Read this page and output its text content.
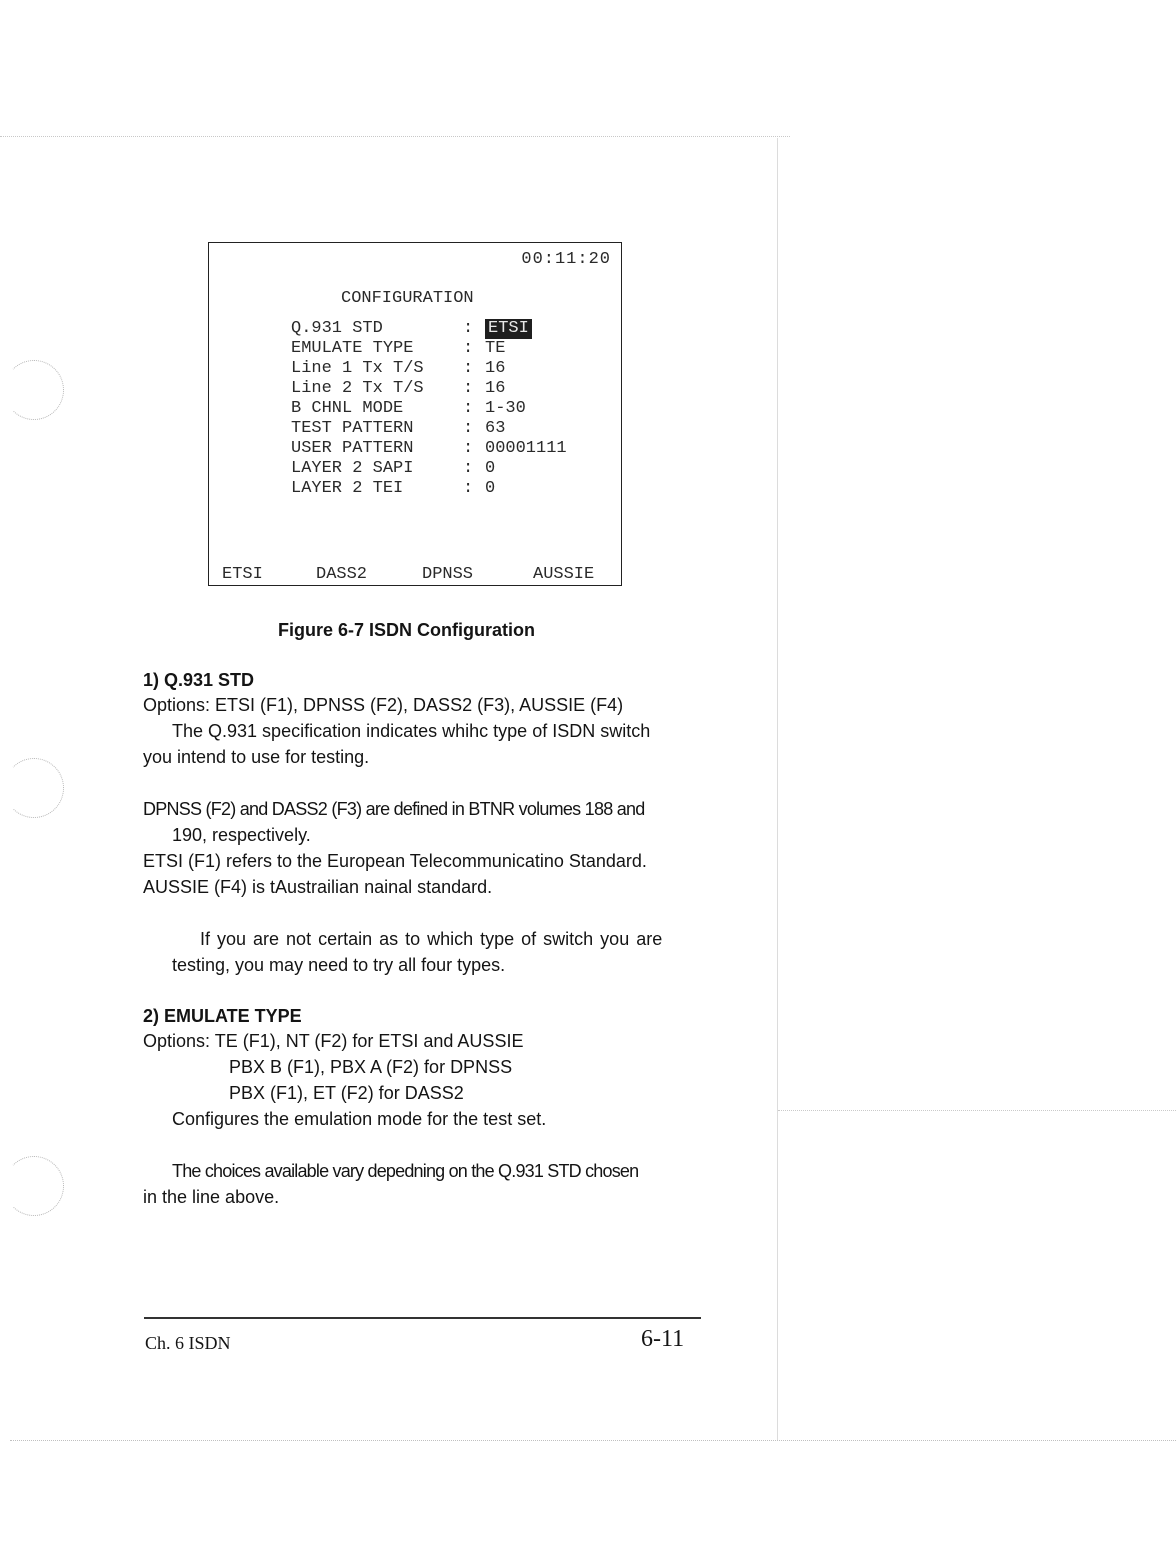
00:11:20
CONFIGURATION
Q.931 STD	: ETSI
EMULATE TYPE	: TE
Line 1 Tx T/S	: 16
Line 2 Tx T/S	: 16
B CHNL MODE	: 1-30
TEST PATTERN	: 63
USER PATTERN	: 00001111
LAYER 2 SAPI	: 0
LAYER 2 TEI	: 0
ETSI	DASS2	DPNSS	AUSSIE
Figure 6-7 ISDN Configuration
1) Q.931 STD
Options: ETSI (F1), DPNSS (F2), DASS2 (F3), AUSSIE (F4)
The Q.931 specification indicates whihc type of ISDN switch
you intend to use for testing.
DPNSS (F2) and DASS2 (F3) are defined in BTNR volumes 188 and
190, respectively.
ETSI (F1) refers to the European Telecommunicatino Standard.
AUSSIE (F4) is tAustrailian nainal standard.
If you are not certain as to which type of switch you are
testing, you may need to try all four types.
2) EMULATE TYPE
Options: TE (F1), NT (F2) for ETSI and AUSSIE
PBX B (F1), PBX A (F2) for DPNSS
PBX (F1), ET (F2) for DASS2
Configures the emulation mode for the test set.
The choices available vary depedning on the Q.931 STD chosen
in the line above.
Ch. 6 ISDN	6-11
